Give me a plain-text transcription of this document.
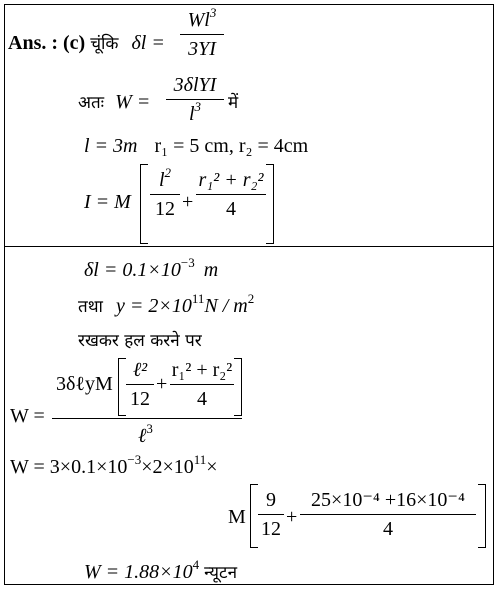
Ans. : (c) चूंकि δl =
$Wl^3$
3YI
अतः W =
3δlYI
$l^3$	में
l = 3m r₁ = 5 cm, r₂ = 4cm
I = M
$l^2$
12 +
r₁² + r₂²
4
$\delta l = 0.1\times 10^{-3}$ m
तथा $y = 2\times 10^{11}N / m^2$
रखकर हल करने पर
W =
3δℓyM
ℓ²
12
+
r₁² + r₂²
4
ℓ$^3$
$W = 3\times 0.1\times 10^{-3}\times 2\times 10^{11}\times$
M
9
12
+
25×10⁻⁴ +16×10⁻⁴
4
$W = 1.88\times 10^4$ न्यूटन
